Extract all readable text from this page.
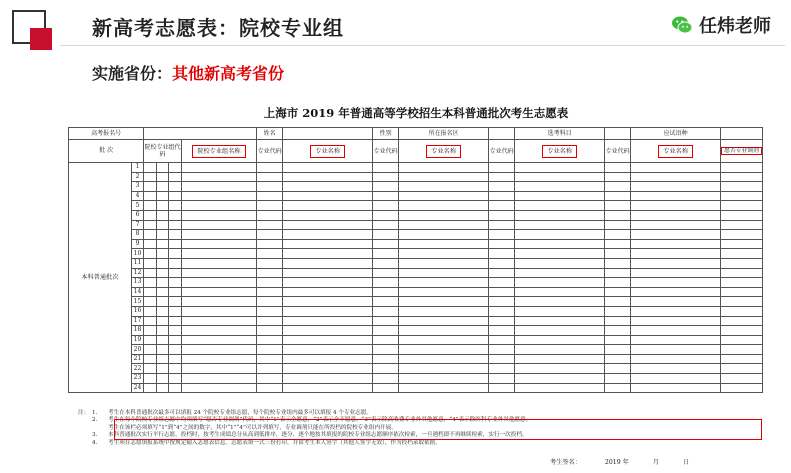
新高考志愿表：院校专业组	任炜老师
实施省份：其他新高考省份
上海市 2019 年普通高等学校招生本科普通批次考生志愿表
高考报名号						姓名		性别	所在报名区		选考科目		应试语种	
批 次		院校专业组代码			院校专业组名称	专业代码	专业名称	专业代码	专业名称	专业代码	专业名称	专业代码	专业名称	愿否专业调剂
本科普通批次	1													
	2													
	3													
	4													
	5													
	6													
	7													
	8													
	9													
	10													
	11													
	12													
	13													
	14													
	15													
	16													
	17													
	18													
	19													
	20													
	21													
	22													
	23													
	24													
注： 1.	考生在本科普通批次最多可以填报 24 个院校专业组志愿，每个院校专业组内最多可以填报 4 个专业志愿。
2.	考生在每个院校专业组志愿中均须填写“愿否专业调剂”代码，其中“1”表示全愿意，“2”表示全不愿意，“3”表示除高收费专业外其他愿意，“4”表示除医科专业外其他愿意。
考生在该栏必须填写“1”到“4”之间的数字，其中“1”“4”可以并列填写，专业调剂只能在所投档的院校专业组内开展。
3.	本科普通批次实行平行志愿，投档时，按考生成绩总分从高到低排序，逐分、逐个地按其填报的院校专业组志愿顺序依次检索，一旦遇档即不再继续检索，实行一次投档。
4.	考生须在志愿填报系统中按规定输入志愿表信息。志愿表填一式三份打印，并由考生本人签字（其他人签字无效），作为投档录取依据。
考生签名：	2019 年	月	日
